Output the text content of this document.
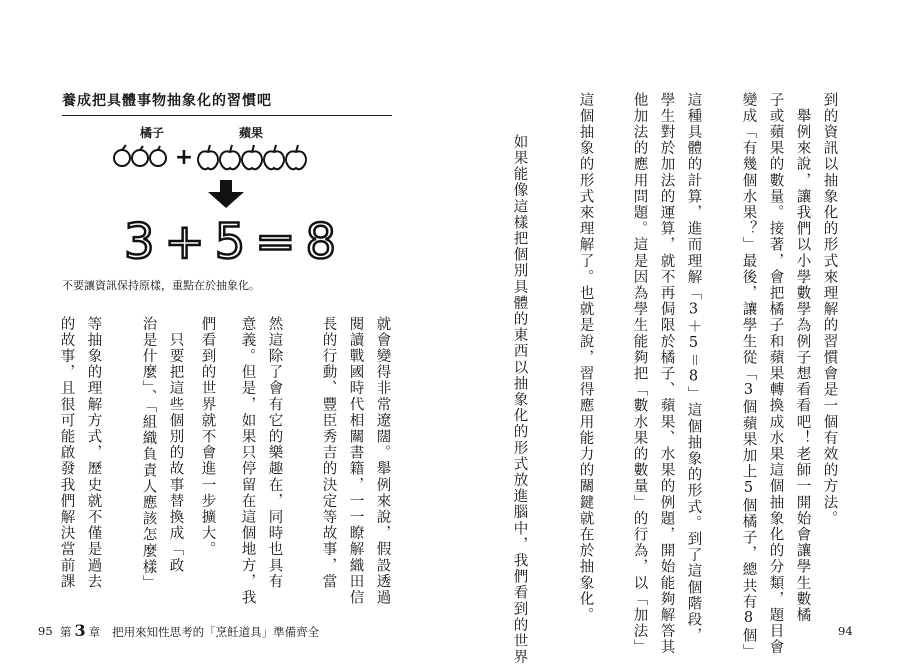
養成把具體事物抽象化的習慣吧
橘子	蘋果
+
3+5=8
不要讓資訊保持原樣，重點在於抽象化。	到的資訊以抽象化的形式來理解的習慣會是一個有效的方法。
　舉例來說，讓我們以小學數學為例子想看看吧！老師一開始會讓學生數橘
子或蘋果的數量。接著，會把橘子和蘋果轉換成水果這個抽象化的分類，題目會
變成「有幾個水果？」最後，讓學生從「3個蘋果加上5個橘子，總共有8個」
這種具體的計算，進而理解「3＋5＝8」這個抽象的形式。到了這個階段，
學生對於加法的運算，就不再侷限於橘子、蘋果、水果的例題，開始能夠解答其
他加法的應用問題。這是因為學生能夠把「數水果的數量」的行為，以「加法」
這個抽象的形式來理解了。也就是說，習得應用能力的關鍵就在於抽象化。
　如果能像這樣把個別具體的東西以抽象化的形式放進腦中，我們看到的世界
就會變得非常遼闊。舉例來說，假設透過
閱讀戰國時代相關書籍，一一瞭解織田信
長的行動、豐臣秀吉的決定等故事，當
然這除了會有它的樂趣在，同時也具有
意義。但是，如果只停留在這個地方，我
們看到的世界就不會進一步擴大。
　只要把這些個別的故事替換成「政
治是什麼」、「組織負責人應該怎麼樣」
等抽象的理解方式，歷史就不僅是過去
的故事，且很可能啟發我們解決當前課
95 第 3 章 把用來知性思考的「烹飪道具」準備齊全	94
